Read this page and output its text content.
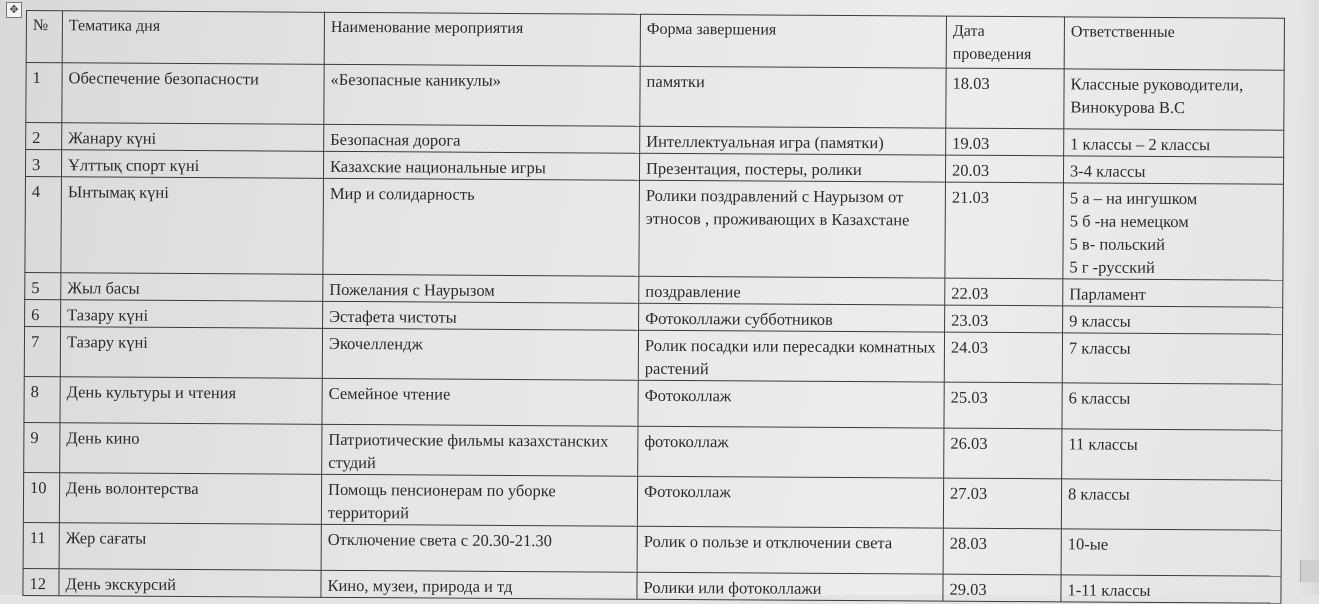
✥
№	Тематика дня	Наименование мероприятия	Форма завершения	Дата проведения	Ответственные
1	Обеспечение безопасности	«Безопасные каникулы»	памятки	18.03	Классные руководители, Винокурова В.С
2	Жанару күні	Безопасная дорога	Интеллектуальная игра (памятки)	19.03	1 классы – 2 классы
3	Ұлттық спорт күні	Казахские национальные игры	Презентация, постеры, ролики	20.03	3-4 классы
4	Ынтымақ күні	Мир и солидарность	Ролики поздравлений с Наурызом от этносов , проживающих в Казахстане	21.03	5 а – на ингушком
5 б -на немецком
5 в- польский
5 г -русский
5	Жыл басы	Пожелания с Наурызом	поздравление	22.03	Парламент
6	Тазару күні	Эстафета чистоты	Фотоколлажи субботников	23.03	9 классы
7	Тазару күні	Экочеллендж	Ролик посадки или пересадки комнатных растений	24.03	7 классы
8	День культуры и чтения	Семейное чтение	Фотоколлаж	25.03	6 классы
9	День кино	Патриотические фильмы казахстанских студий	фотоколлаж	26.03	11 классы
10	День волонтерства	Помощь пенсионерам по уборке территорий	Фотоколлаж	27.03	8 классы
11	Жер сағаты	Отключение света с 20.30-21.30	Ролик о пользе и отключении света	28.03	10-ые
12	День экскурсий	Кино, музеи, природа и тд	Ролики или фотоколлажи	29.03	1-11 классы
